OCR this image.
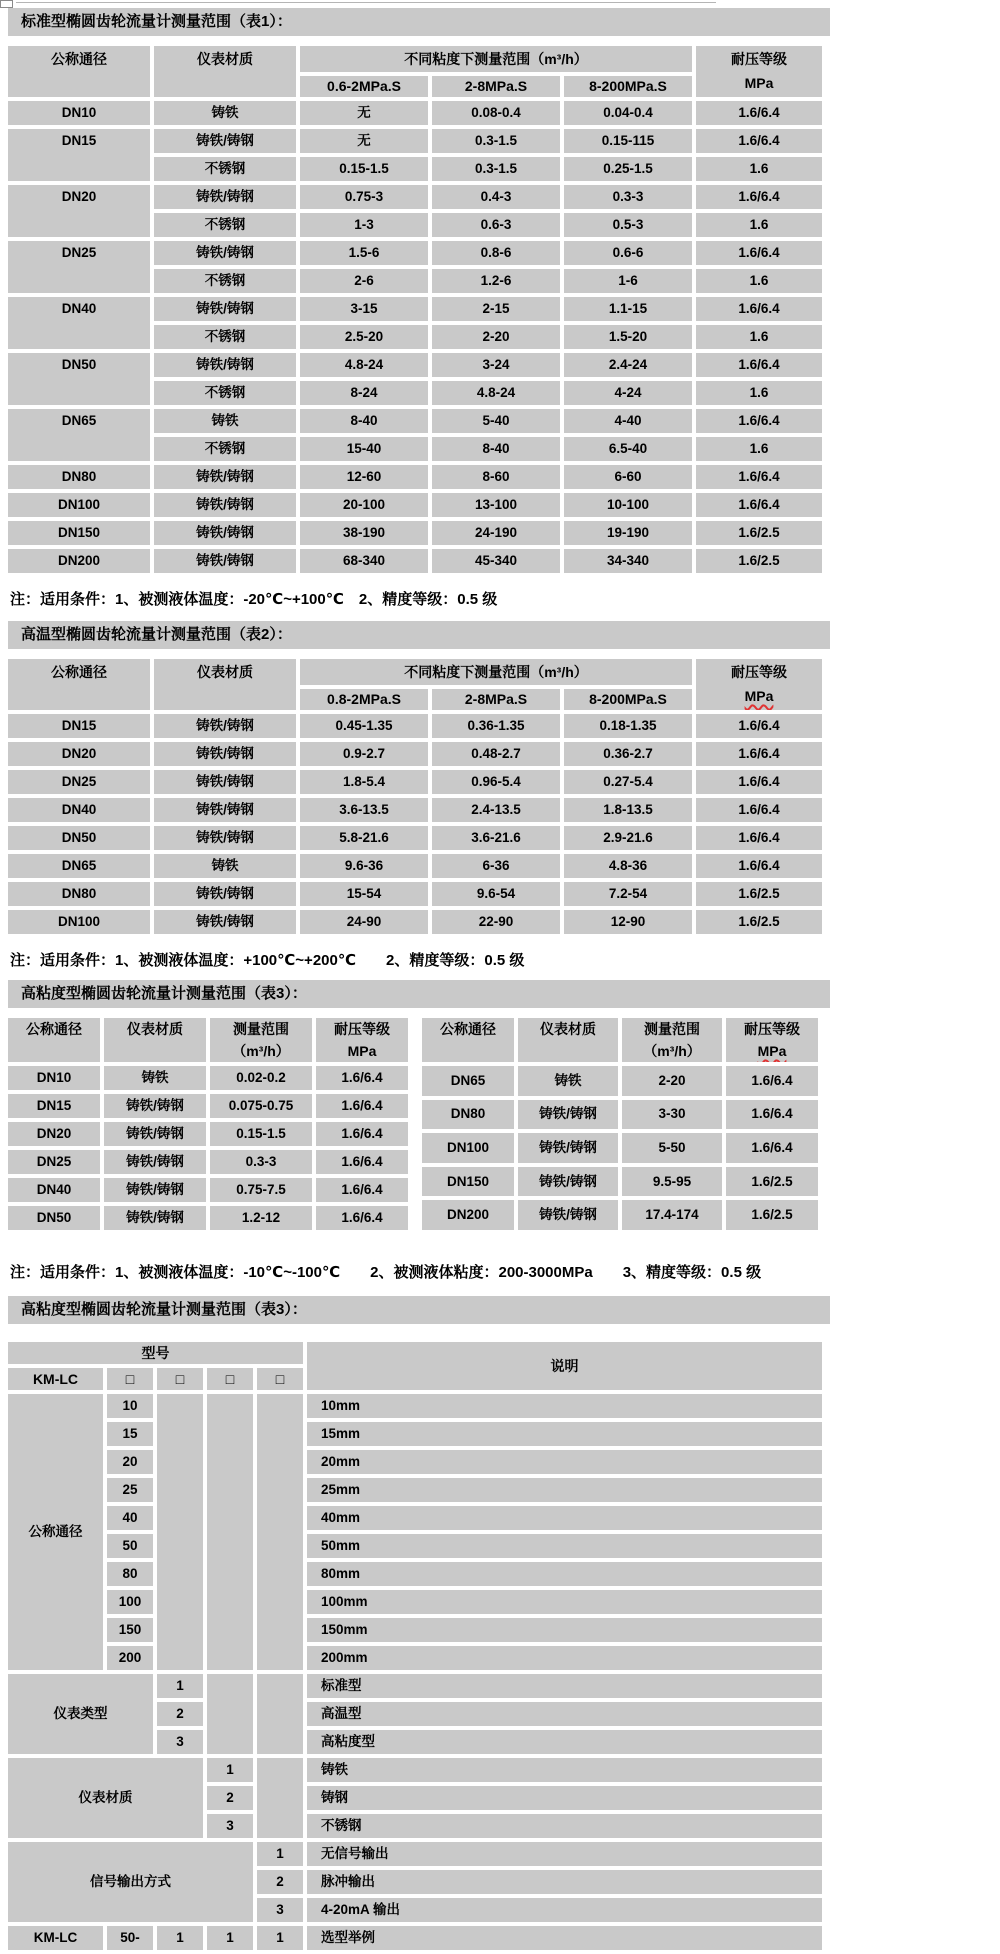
标准型椭圆齿轮流量计测量范围（表1）：
公称通径	仪表材质	不同粘度下测量范围（m³/h）			耐压等级
MPa

		0.6-2MPa.S	2-8MPa.S	8-200MPa.S	
DN10	铸铁	无	0.08-0.4	0.04-0.4	1.6/6.4
DN15	铸铁/铸钢	无	0.3-1.5	0.15-115	1.6/6.4
	不锈钢	0.15-1.5	0.3-1.5	0.25-1.5	1.6
DN20	铸铁/铸钢	0.75-3	0.4-3	0.3-3	1.6/6.4
	不锈钢	1-3	0.6-3	0.5-3	1.6
DN25	铸铁/铸钢	1.5-6	0.8-6	0.6-6	1.6/6.4
	不锈钢	2-6	1.2-6	1-6	1.6
DN40	铸铁/铸钢	3-15	2-15	1.1-15	1.6/6.4
	不锈钢	2.5-20	2-20	1.5-20	1.6
DN50	铸铁/铸钢	4.8-24	3-24	2.4-24	1.6/6.4
	不锈钢	8-24	4.8-24	4-24	1.6
DN65	铸铁	8-40	5-40	4-40	1.6/6.4
	不锈钢	15-40	8-40	6.5-40	1.6
DN80	铸铁/铸钢	12-60	8-60	6-60	1.6/6.4
DN100	铸铁/铸钢	20-100	13-100	10-100	1.6/6.4
DN150	铸铁/铸钢	38-190	24-190	19-190	1.6/2.5
DN200	铸铁/铸钢	68-340	45-340	34-340	1.6/2.5
注：适用条件：1、被测液体温度：-20℃~+100℃　2、精度等级：0.5 级
高温型椭圆齿轮流量计测量范围（表2）：
公称通径	仪表材质	不同粘度下测量范围（m³/h）			耐压等级
MPa

		0.8-2MPa.S	2-8MPa.S	8-200MPa.S	
DN15	铸铁/铸钢	0.45-1.35	0.36-1.35	0.18-1.35	1.6/6.4
DN20	铸铁/铸钢	0.9-2.7	0.48-2.7	0.36-2.7	1.6/6.4
DN25	铸铁/铸钢	1.8-5.4	0.96-5.4	0.27-5.4	1.6/6.4
DN40	铸铁/铸钢	3.6-13.5	2.4-13.5	1.8-13.5	1.6/6.4
DN50	铸铁/铸钢	5.8-21.6	3.6-21.6	2.9-21.6	1.6/6.4
DN65	铸铁	9.6-36	6-36	4.8-36	1.6/6.4
DN80	铸铁/铸钢	15-54	9.6-54	7.2-54	1.6/2.5
DN100	铸铁/铸钢	24-90	22-90	12-90	1.6/2.5
注：适用条件：1、被测液体温度：+100℃~+200℃　　2、精度等级：0.5 级
高粘度型椭圆齿轮流量计测量范围（表3）：
公称通径	仪表材质	测量范围
（m³/h）

耐压等级
MPa

DN10	铸铁	0.02-0.2	1.6/6.4
DN15	铸铁/铸钢	0.075-0.75	1.6/6.4
DN20	铸铁/铸钢	0.15-1.5	1.6/6.4
DN25	铸铁/铸钢	0.3-3	1.6/6.4
DN40	铸铁/铸钢	0.75-7.5	1.6/6.4
DN50	铸铁/铸钢	1.2-12	1.6/6.4
公称通径	仪表材质	测量范围
（m³/h）

耐压等级
MPa

DN65	铸铁	2-20	1.6/6.4
DN80	铸铁/铸钢	3-30	1.6/6.4
DN100	铸铁/铸钢	5-50	1.6/6.4
DN150	铸铁/铸钢	9.5-95	1.6/2.5
DN200	铸铁/铸钢	17.4-174	1.6/2.5
注：适用条件：1、被测液体温度：-10℃~-100℃　　2、被测液体粘度：200-3000MPa　　3、精度等级：0.5 级
高粘度型椭圆齿轮流量计测量范围（表3）：
型号					说明
KM-LC	□	□	□	□	
公称通径	10				10mm
	15				15mm
	20				20mm
	25				25mm
	40				40mm
	50				50mm
	80				80mm
	100				100mm
	150				150mm
	200				200mm
仪表类型		1			标准型
		2			高温型
		3			高粘度型
仪表材质			1		铸铁
			2		铸钢
			3		不锈钢
信号输出方式				1	无信号输出
				2	脉冲输出
				3	4-20mA 输出
KM-LC	50-	1	1	1	选型举例
